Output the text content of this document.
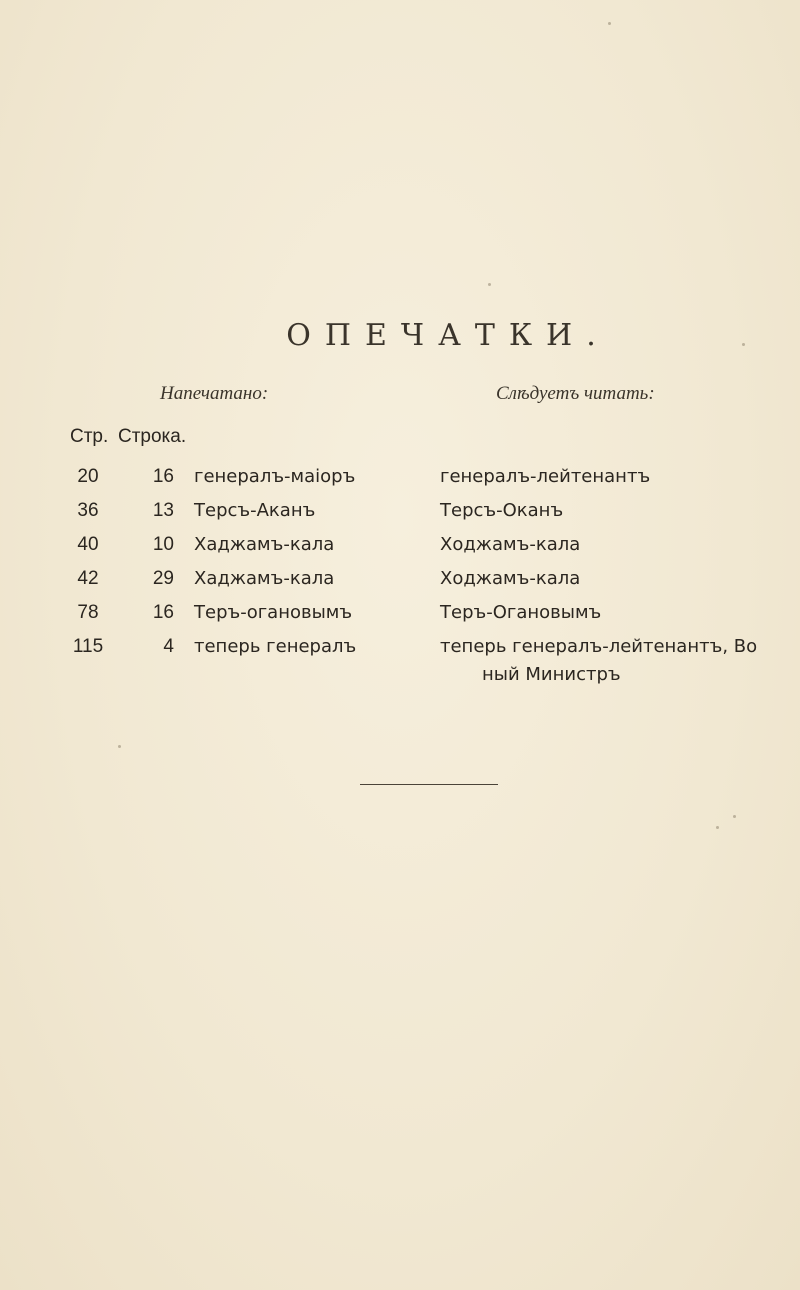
ОПЕЧАТКИ.
Напечатано:	Слѣдуетъ читать:
Стр. Строка.
20	16 генералъ-маіоръ	генералъ-лейтенантъ
36	13 Терсъ-Аканъ	Терсъ-Оканъ
40	10 Хаджамъ-кала	Ходжамъ-кала
42	29 Хаджамъ-кала	Ходжамъ-кала
78	16 Теръ-огановымъ	Теръ-Огановымъ
115	4 теперь генералъ	теперь генералъ-лейтенантъ, Во
ный Министръ
